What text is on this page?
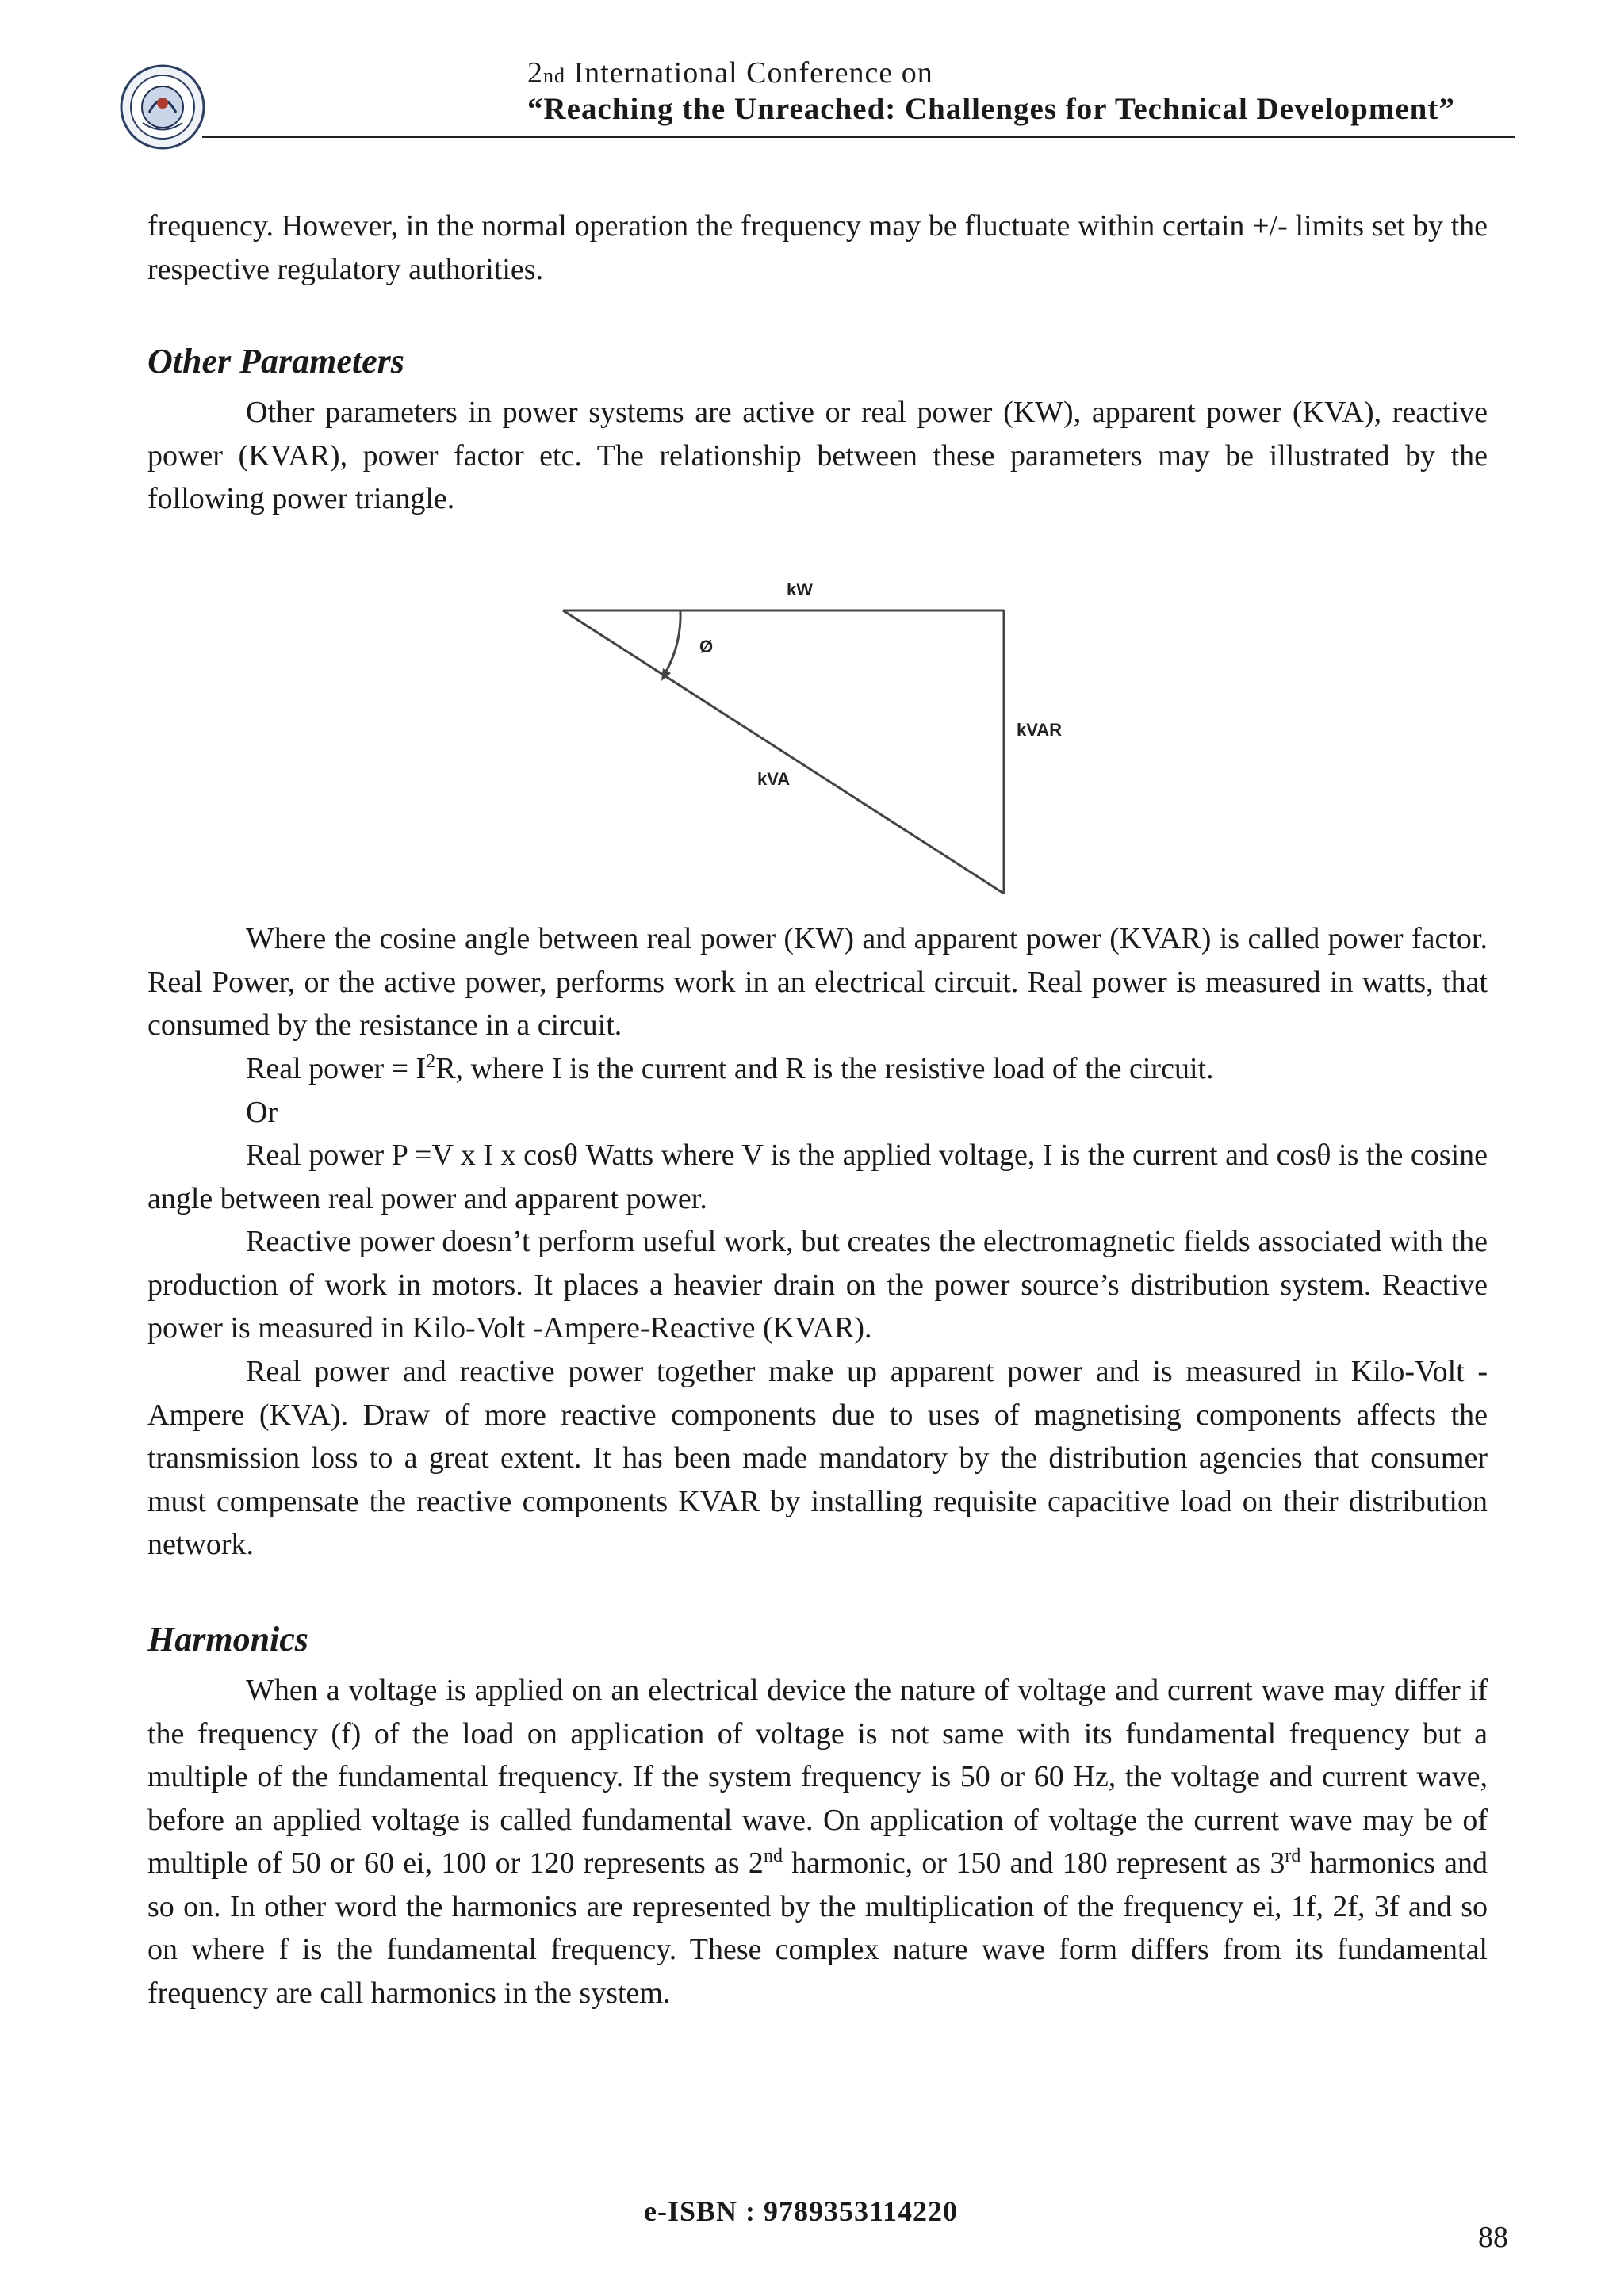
2nd International Conference on
“Reaching the Unreached: Challenges for Technical Development”

frequency. However, in the normal operation the frequency may be fluctuate within certain +/- limits set by the respective regulatory authorities.

Other Parameters

Other parameters in power systems are active or real power (KW), apparent power (KVA), reactive power (KVAR), power factor etc. The relationship between these parameters may be illustrated by the following power triangle.

kW
Ø
kVAR
kVA

Where the cosine angle between real power (KW) and apparent power (KVAR) is called power factor. Real Power, or the active power, performs work in an electrical circuit. Real power is measured in watts, that consumed by the resistance in a circuit.

Real power = $I^2R$, where I is the current and R is the resistive load of the circuit.

Or

Real power P =V x I x cosθ Watts where V is the applied voltage, I is the current and cosθ is the cosine angle between real power and apparent power.

Reactive power doesn’t perform useful work, but creates the electromagnetic fields associated with the production of work in motors. It places a heavier drain on the power source’s distribution system. Reactive power is measured in Kilo-Volt -Ampere-Reactive (KVAR).

Real power and reactive power together make up apparent power and is measured in Kilo-Volt - Ampere (KVA). Draw of more reactive components due to uses of magnetising components affects the transmission loss to a great extent. It has been made mandatory by the distribution agencies that consumer must compensate the reactive components KVAR by installing requisite capacitive load on their distribution network.

Harmonics

When a voltage is applied on an electrical device the nature of voltage and current wave may differ if the frequency (f) of the load on application of voltage is not same with its fundamental frequency but a multiple of the fundamental frequency. If the system frequency is 50 or 60 Hz, the voltage and current wave, before an applied voltage is called fundamental wave. On application of voltage the current wave may be of multiple of 50 or 60 ei, 100 or 120 represents as 2nd harmonic, or 150 and 180 represent as 3rd harmonics and so on. In other word the harmonics are represented by the multiplication of the frequency ei, 1f, 2f, 3f and so on where f is the fundamental frequency. These complex nature wave form differs from its fundamental frequency are call harmonics in the system.

e-ISBN : 9789353114220
88
